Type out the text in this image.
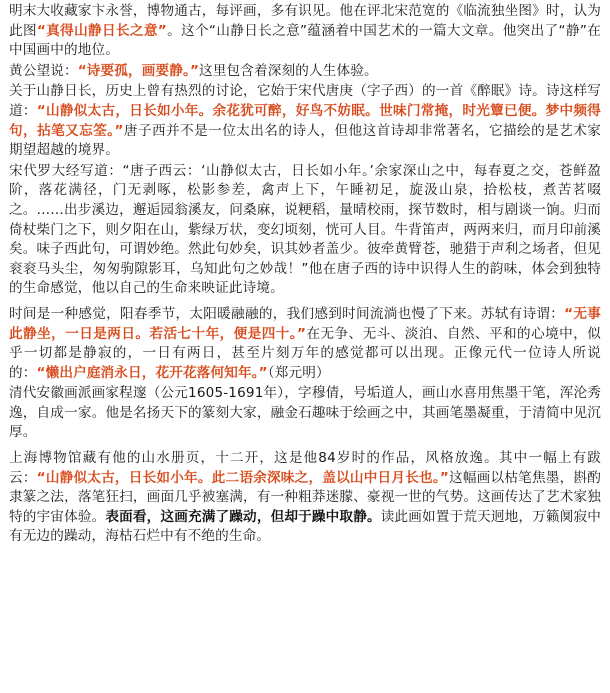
明末大收藏家卞永誉，博物通古，每评画，多有识见。他在评北宋范宽的《临流独坐图》时，认为此图“真得山静日长之意”。这个“山静日长之意”蕴涵着中国艺术的一篇大文章。他突出了“静”在中国画中的地位。

黄公望说：“诗要孤，画要静。”这里包含着深刻的人生体验。

关于山静日长，历史上曾有热烈的讨论，它始于宋代唐庚（字子西）的一首《醉眠》诗。诗这样写道：“山静似太古，日长如小年。余花犹可醉，好鸟不妨眠。世味门常掩，时光簟已便。梦中频得句，拈笔又忘筌。”唐子西并不是一位太出名的诗人，但他这首诗却非常著名，它描绘的是艺术家期望超越的境界。

宋代罗大经写道：“唐子西云：‘山静似太古，日长如小年。’余家深山之中，每春夏之交，苍鲜盈阶，落花满径，门无剥啄，松影参差，禽声上下，午睡初足，旋汲山泉，拾松枝，煮苦茗啜之。……出步溪边，邂逅园翁溪友，问桑麻，说粳稻，量晴校雨，探节数时，相与剧谈一饷。归而倚杖柴门之下，则夕阳在山，紫绿万状，变幻顷刻，恍可人目。牛背笛声，两两来归，而月印前溪矣。味子西此句，可谓妙绝。然此句妙矣，识其妙者盖少。彼牵黄臂苍，驰猎于声利之场者，但见衮衮马头尘，匆匆驹隙影耳，乌知此句之妙哉！”他在唐子西的诗中识得人生的韵味，体会到独特的生命感觉，他以自己的生命来映证此诗境。

时间是一种感觉，阳春季节，太阳暖融融的，我们感到时间流淌也慢了下来。苏轼有诗谓：“无事此静坐，一日是两日。若活七十年，便是四十。”在无争、无斗、淡泊、自然、平和的心境中，似乎一切都是静寂的，一日有两日，甚至片刻万年的感觉都可以出现。正像元代一位诗人所说的：“懒出户庭消永日，花开花落何知年。”（郑元明）

清代安徽画派画家程邃（公元1605-1691年），字穆倩，号垢道人，画山水喜用焦墨干笔，浑沦秀逸，自成一家。他是名扬天下的篆刻大家，融金石趣味于绘画之中，其画笔墨凝重，于清简中见沉厚。

上海博物馆藏有他的山水册页，十二开，这是他84岁时的作品，风格放逸。其中一幅上有跋云：“山静似太古，日长如小年。此二语余深味之，盖以山中日月长也。”这幅画以枯笔焦墨，斟酌隶篆之法，落笔狂扫，画面几乎被塞满，有一种粗莽迷朦、豪视一世的气势。这画传达了艺术家独特的宇宙体验。表面看，这画充满了躁动，但却于躁中取静。读此画如置于荒天迥地，万籁阒寂中有无边的躁动，海枯石烂中有不绝的生命。
